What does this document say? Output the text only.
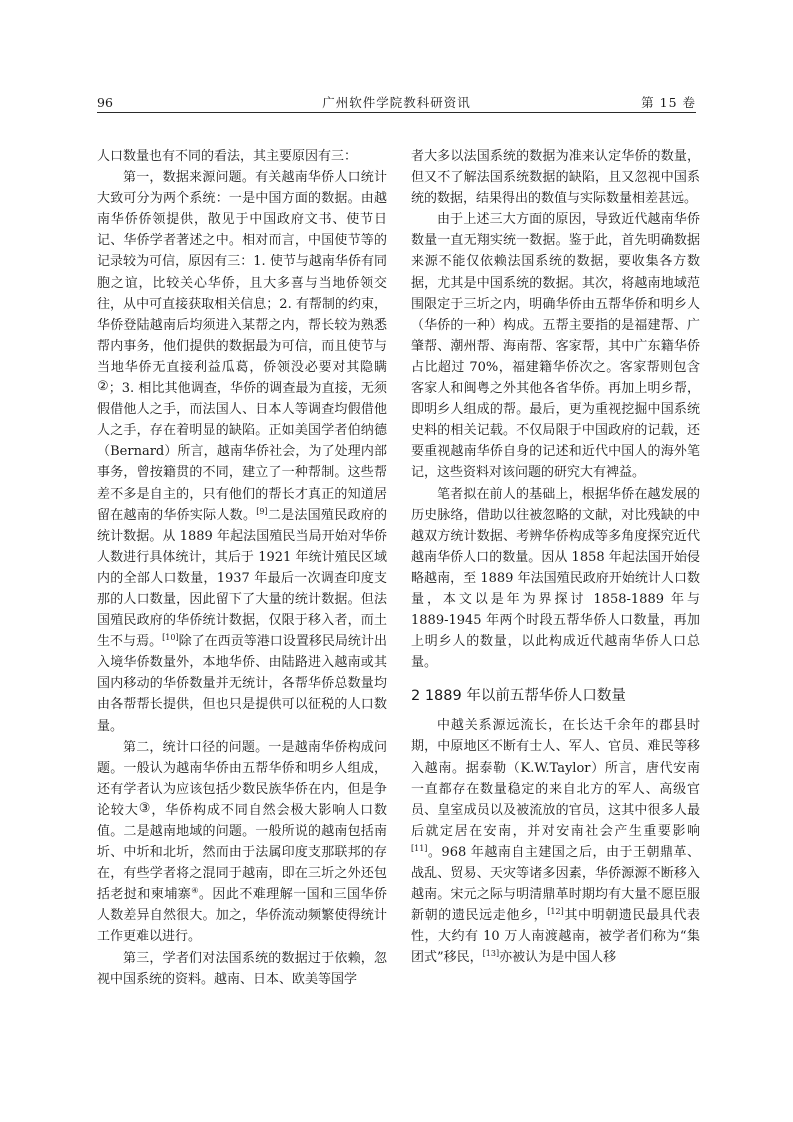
96	广州软件学院教科研资讯	第 15 卷

人口数量也有不同的看法，其主要原因有三：

第一，数据来源问题。有关越南华侨人口统计大致可分为两个系统：一是中国方面的数据。由越南华侨侨领提供，散见于中国政府文书、使节日记、华侨学者著述之中。相对而言，中国使节等的记录较为可信，原因有三：1. 使节与越南华侨有同胞之谊，比较关心华侨，且大多喜与当地侨领交往，从中可直接获取相关信息；2. 有帮制的约束，华侨登陆越南后均须进入某帮之内，帮长较为熟悉帮内事务，他们提供的数据最为可信，而且使节与当地华侨无直接利益瓜葛，侨领没必要对其隐瞒②；3. 相比其他调查，华侨的调查最为直接，无须假借他人之手，而法国人、日本人等调查均假借他人之手，存在着明显的缺陷。正如美国学者伯纳德（Bernard）所言，越南华侨社会，为了处理内部事务，曾按籍贯的不同，建立了一种帮制。这些帮差不多是自主的，只有他们的帮长才真正的知道居留在越南的华侨实际人数。[9]二是法国殖民政府的统计数据。从 1889 年起法国殖民当局开始对华侨人数进行具体统计，其后于 1921 年统计殖民区域内的全部人口数量，1937 年最后一次调查印度支那的人口数量，因此留下了大量的统计数据。但法国殖民政府的华侨统计数据，仅限于移入者，而土生不与焉。[10]除了在西贡等港口设置移民局统计出入境华侨数量外，本地华侨、由陆路进入越南或其国内移动的华侨数量并无统计，各帮华侨总数量均由各帮帮长提供，但也只是提供可以征税的人口数量。

第二，统计口径的问题。一是越南华侨构成问题。一般认为越南华侨由五帮华侨和明乡人组成，还有学者认为应该包括少数民族华侨在内，但是争论较大③，华侨构成不同自然会极大影响人口数值。二是越南地域的问题。一般所说的越南包括南圻、中圻和北圻，然而由于法属印度支那联邦的存在，有些学者将之混同于越南，即在三圻之外还包括老挝和柬埔寨④。因此不难理解一国和三国华侨人数差异自然很大。加之，华侨流动频繁使得统计工作更难以进行。

第三，学者们对法国系统的数据过于依赖，忽视中国系统的资料。越南、日本、欧美等国学

者大多以法国系统的数据为准来认定华侨的数量，但又不了解法国系统数据的缺陷，且又忽视中国系统的数据，结果得出的数值与实际数量相差甚远。

由于上述三大方面的原因，导致近代越南华侨数量一直无翔实统一数据。鉴于此，首先明确数据来源不能仅依赖法国系统的数据，要收集各方数据，尤其是中国系统的数据。其次，将越南地域范围限定于三圻之内，明确华侨由五帮华侨和明乡人（华侨的一种）构成。五帮主要指的是福建帮、广肇帮、潮州帮、海南帮、客家帮，其中广东籍华侨占比超过 70%，福建籍华侨次之。客家帮则包含客家人和闽粤之外其他各省华侨。再加上明乡帮，即明乡人组成的帮。最后，更为重视挖掘中国系统史料的相关记载。不仅局限于中国政府的记载，还要重视越南华侨自身的记述和近代中国人的海外笔记，这些资料对该问题的研究大有裨益。

笔者拟在前人的基础上，根据华侨在越发展的历史脉络，借助以往被忽略的文献，对比残缺的中越双方统计数据、考辨华侨构成等多角度探究近代越南华侨人口的数量。因从 1858 年起法国开始侵略越南，至 1889 年法国殖民政府开始统计人口数量，本文以是年为界探讨 1858-1889 年与 1889-1945 年两个时段五帮华侨人口数量，再加上明乡人的数量，以此构成近代越南华侨人口总量。

2 1889 年以前五帮华侨人口数量

中越关系源远流长，在长达千余年的郡县时期，中原地区不断有士人、军人、官员、难民等移入越南。据泰勒（K.W.Taylor）所言，唐代安南一直都存在数量稳定的来自北方的军人、高级官员、皇室成员以及被流放的官员，这其中很多人最后就定居在安南，并对安南社会产生重要影响[11]。968 年越南自主建国之后，由于王朝鼎革、战乱、贸易、天灾等诸多因素，华侨源源不断移入越南。宋元之际与明清鼎革时期均有大量不愿臣服新朝的遗民远走他乡，[12]其中明朝遗民最具代表性，大约有 10 万人南渡越南，被学者们称为“集团式”移民，[13]亦被认为是中国人移
